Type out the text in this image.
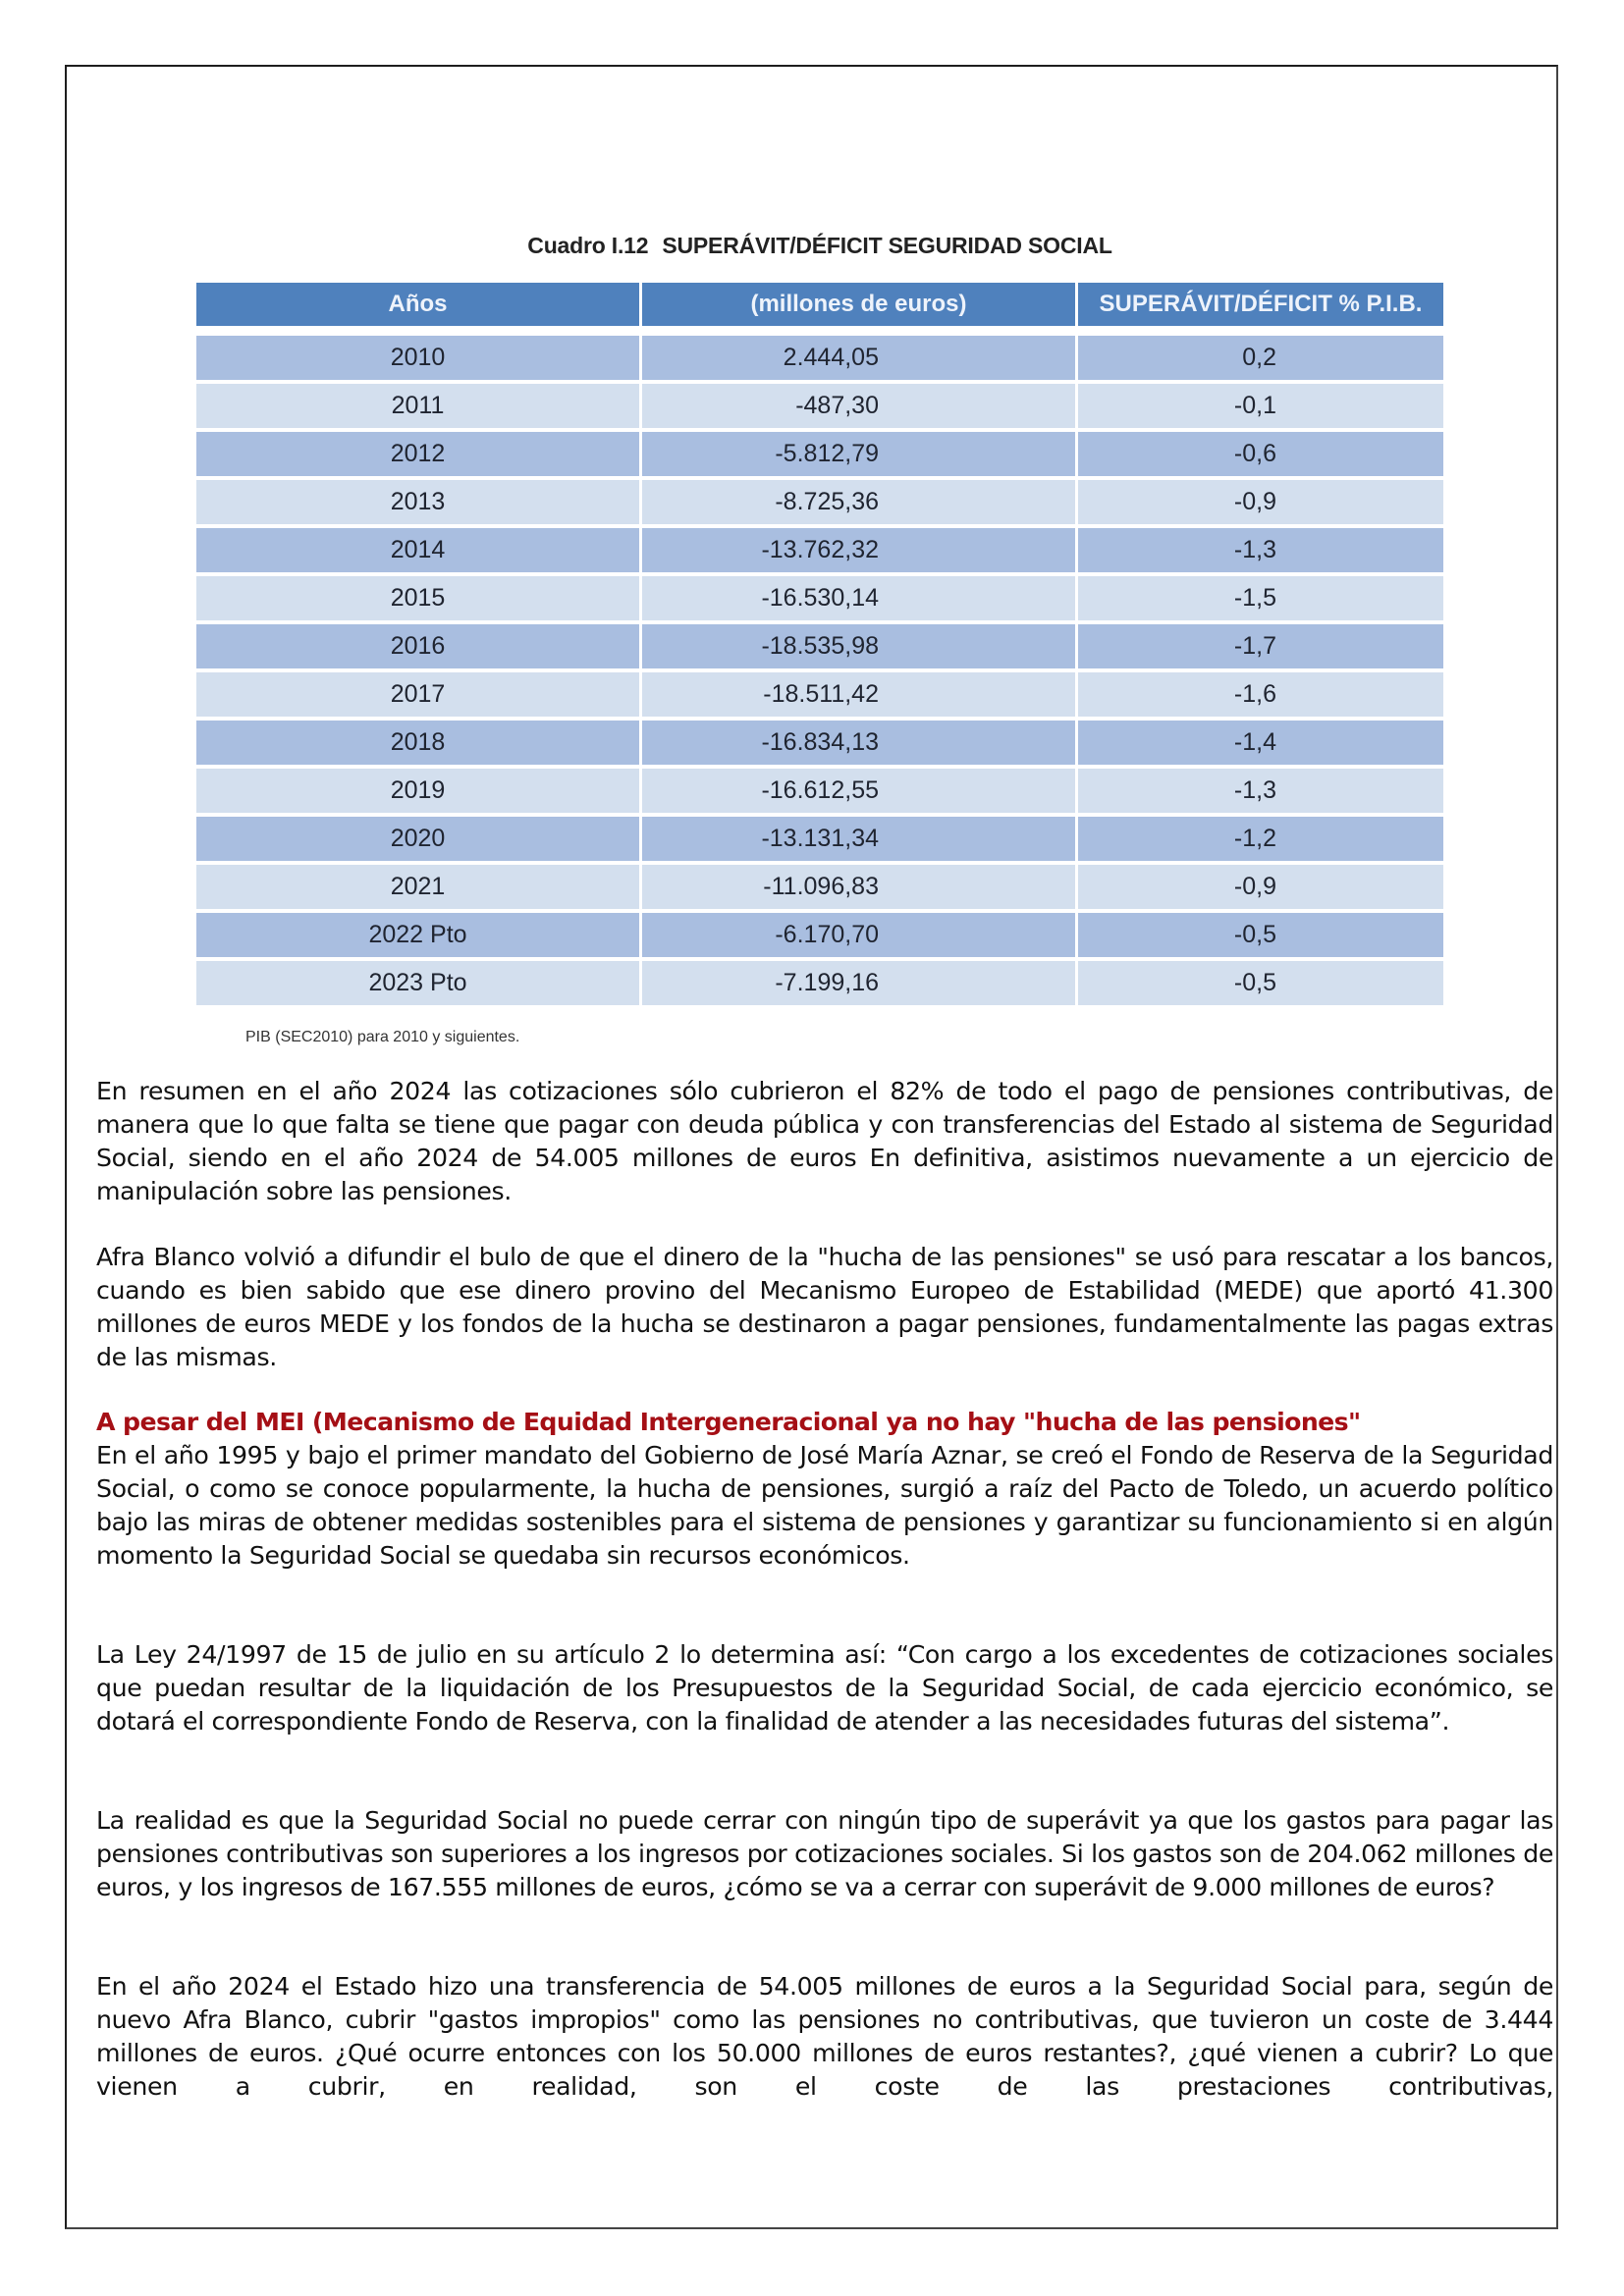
Cuadro I.12 SUPERÁVIT/DÉFICIT SEGURIDAD SOCIAL
Años	(millones de euros)	SUPERÁVIT/DÉFICIT % P.I.B.

2010	2.444,05	0,2
2011	-487,30	-0,1
2012	-5.812,79	-0,6
2013	-8.725,36	-0,9
2014	-13.762,32	-1,3
2015	-16.530,14	-1,5
2016	-18.535,98	-1,7
2017	-18.511,42	-1,6
2018	-16.834,13	-1,4
2019	-16.612,55	-1,3
2020	-13.131,34	-1,2
2021	-11.096,83	-0,9
2022 Pto	-6.170,70	-0,5
2023 Pto	-7.199,16	-0,5
PIB (SEC2010) para 2010 y siguientes.

En resumen en el año 2024 las cotizaciones sólo cubrieron el 82% de todo el pago de pensiones contributivas, de manera que lo que falta se tiene que pagar con deuda pública y con transferencias del Estado al sistema de Seguridad Social, siendo en el año 2024 de 54.005 millones de euros En definitiva, asistimos nuevamente a un ejercicio de manipulación sobre las pensiones.

Afra Blanco volvió a difundir el bulo de que el dinero de la "hucha de las pensiones" se usó para rescatar a los bancos, cuando es bien sabido que ese dinero provino del Mecanismo Europeo de Estabilidad (MEDE) que aportó 41.300 millones de euros MEDE y los fondos de la hucha se destinaron a pagar pensiones, fundamentalmente las pagas extras de las mismas.

A pesar del MEI (Mecanismo de Equidad Intergeneracional ya no hay "hucha de las pensiones"

En el año 1995 y bajo el primer mandato del Gobierno de José María Aznar, se creó el Fondo de Reserva de la Seguridad Social, o como se conoce popularmente, la hucha de pensiones, surgió a raíz del Pacto de Toledo, un acuerdo político bajo las miras de obtener medidas sostenibles para el sistema de pensiones y garantizar su funcionamiento si en algún momento la Seguridad Social se quedaba sin recursos económicos.

La Ley 24/1997 de 15 de julio en su artículo 2 lo determina así: “Con cargo a los excedentes de cotizaciones sociales que puedan resultar de la liquidación de los Presupuestos de la Seguridad Social, de cada ejercicio económico, se dotará el correspondiente Fondo de Reserva, con la finalidad de atender a las necesidades futuras del sistema”.

La realidad es que la Seguridad Social no puede cerrar con ningún tipo de superávit ya que los gastos para pagar las pensiones contributivas son superiores a los ingresos por cotizaciones sociales. Si los gastos son de 204.062 millones de euros, y los ingresos de 167.555 millones de euros, ¿cómo se va a cerrar con superávit de 9.000 millones de euros?

En el año 2024 el Estado hizo una transferencia de 54.005 millones de euros a la Seguridad Social para, según de nuevo Afra Blanco, cubrir "gastos impropios" como las pensiones no contributivas, que tuvieron un coste de 3.444 millones de euros. ¿Qué ocurre entonces con los 50.000 millones de euros restantes?, ¿qué vienen a cubrir? Lo que vienen a cubrir, en realidad, son el coste de las prestaciones contributivas,
